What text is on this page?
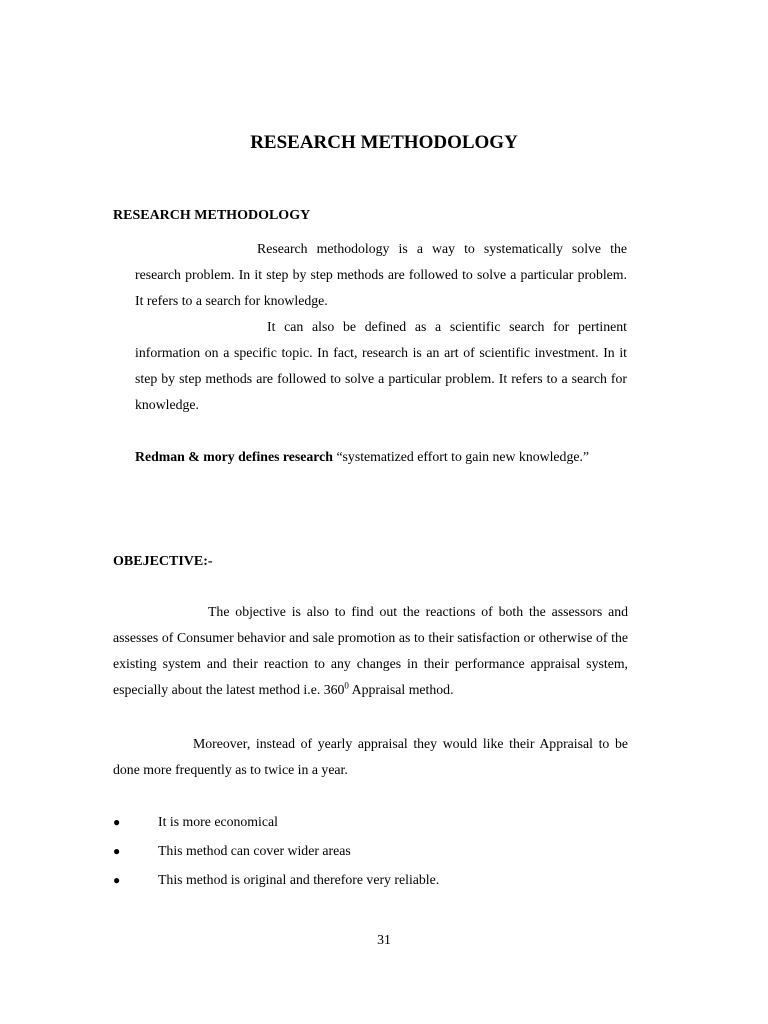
RESEARCH METHODOLOGY
RESEARCH METHODOLOGY

Research methodology is a way to systematically solve the research problem. In it step by step methods are followed to solve a particular problem. It refers to a search for knowledge.

It can also be defined as a scientific search for pertinent information on a specific topic. In fact, research is an art of scientific investment. In it step by step methods are followed to solve a particular problem. It refers to a search for knowledge.

Redman & mory defines research “systematized effort to gain new knowledge.”

OBEJECTIVE:-

The objective is also to find out the reactions of both the assessors and assesses of Consumer behavior and sale promotion as to their satisfaction or otherwise of the existing system and their reaction to any changes in their performance appraisal system, especially about the latest method i.e. $360^0$ Appraisal method.

Moreover, instead of yearly appraisal they would like their Appraisal to be done more frequently as to twice in a year.

●	It is more economical
●	This method can cover wider areas
●	This method is original and therefore very reliable.
31
